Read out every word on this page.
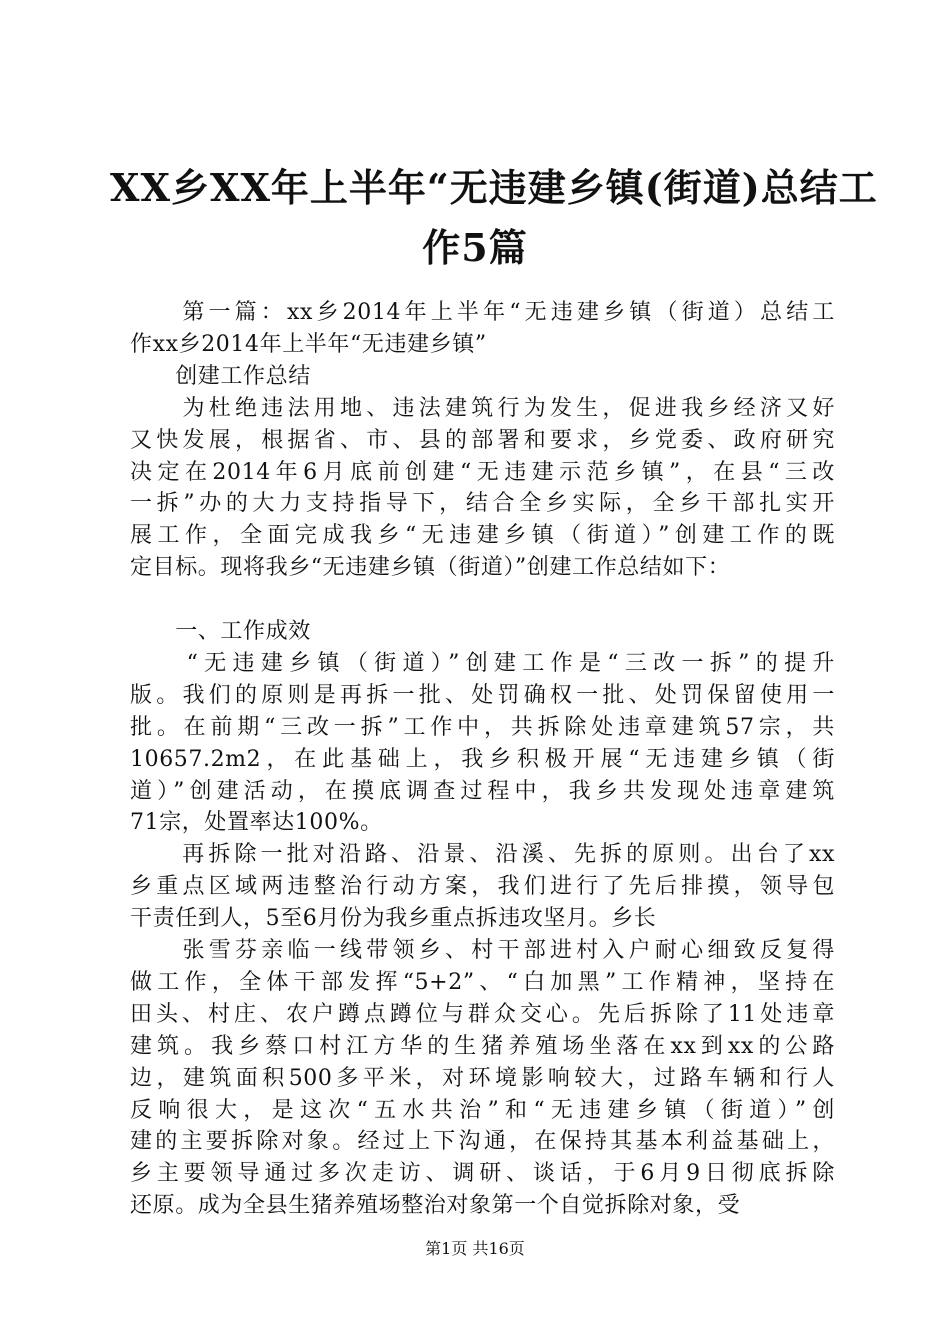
XX乡XX年上半年“无违建乡镇(街道)总结工
作5篇
　　第一篇：xx乡2014年上半年“无违建乡镇（街道）总结工
作xx乡2014年上半年“无违建乡镇”
　　创建工作总结
　　为杜绝违法用地、违法建筑行为发生，促进我乡经济又好
又快发展，根据省、市、县的部署和要求，乡党委、政府研究
决定在2014年6月底前创建“无违建示范乡镇”，在县“三改
一拆”办的大力支持指导下，结合全乡实际，全乡干部扎实开
展工作，全面完成我乡“无违建乡镇（街道）”创建工作的既
定目标。现将我乡“无违建乡镇（街道）”创建工作总结如下：
　　一、工作成效
　　“无违建乡镇（街道）”创建工作是“三改一拆”的提升
版。我们的原则是再拆一批、处罚确权一批、处罚保留使用一
批。在前期“三改一拆”工作中，共拆除处违章建筑57宗，共
10657.2m2，在此基础上，我乡积极开展“无违建乡镇（街
道）”创建活动，在摸底调查过程中，我乡共发现处违章建筑
71宗，处置率达100%。
　　再拆除一批对沿路、沿景、沿溪、先拆的原则。出台了xx
乡重点区域两违整治行动方案，我们进行了先后排摸，领导包
干责任到人，5至6月份为我乡重点拆违攻坚月。乡长
　　张雪芬亲临一线带领乡、村干部进村入户耐心细致反复得
做工作，全体干部发挥“5+2”、“白加黑”工作精神，坚持在
田头、村庄、农户蹲点蹲位与群众交心。先后拆除了11处违章
建筑。我乡蔡口村江方华的生猪养殖场坐落在xx到xx的公路
边，建筑面积500多平米，对环境影响较大，过路车辆和行人
反响很大，是这次“五水共治”和“无违建乡镇（街道）”创
建的主要拆除对象。经过上下沟通，在保持其基本利益基础上，
乡主要领导通过多次走访、调研、谈话，于6月9日彻底拆除
还原。成为全县生猪养殖场整治对象第一个自觉拆除对象，受
第1页 共16页
